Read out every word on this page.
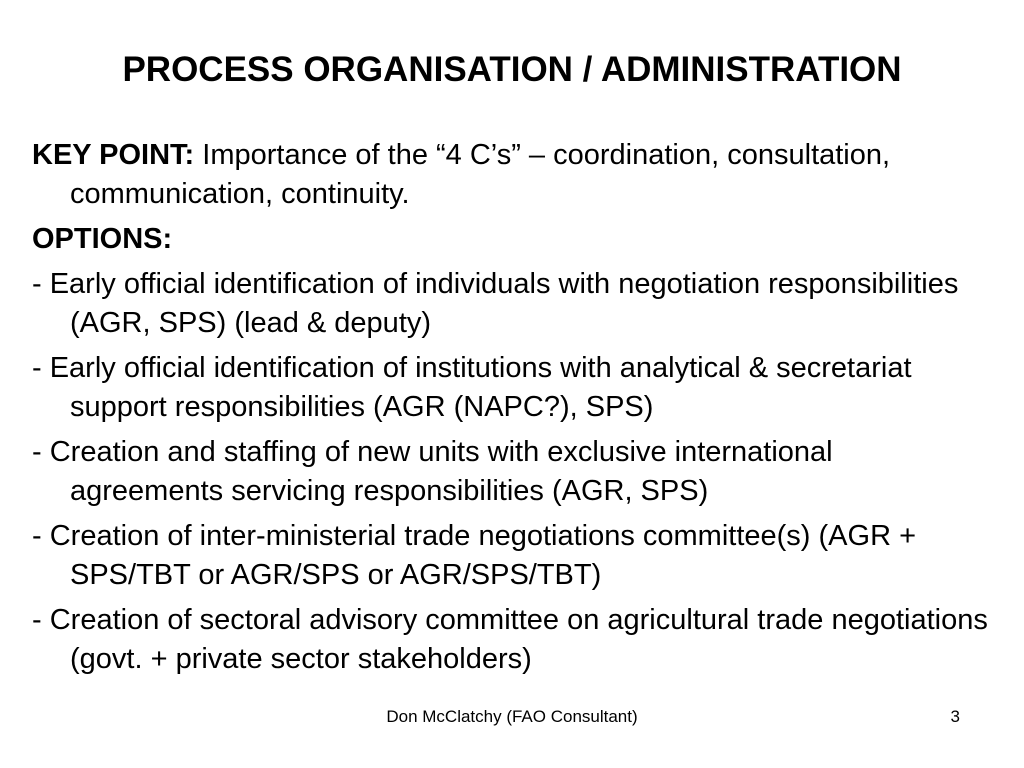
PROCESS ORGANISATION / ADMINISTRATION

KEY POINT: Importance of the “4 C’s” – coordination, consultation, communication, continuity.

OPTIONS:

- Early official identification of individuals with negotiation responsibilities (AGR, SPS) (lead & deputy)

- Early official identification of institutions with analytical & secretariat support responsibilities (AGR (NAPC?), SPS)

- Creation and staffing of new units with exclusive international agreements servicing responsibilities (AGR, SPS)

- Creation of inter-ministerial trade negotiations committee(s) (AGR + SPS/TBT or AGR/SPS or AGR/SPS/TBT)

- Creation of sectoral advisory committee on agricultural trade negotiations (govt. + private sector stakeholders)

Don McClatchy (FAO Consultant)	3
